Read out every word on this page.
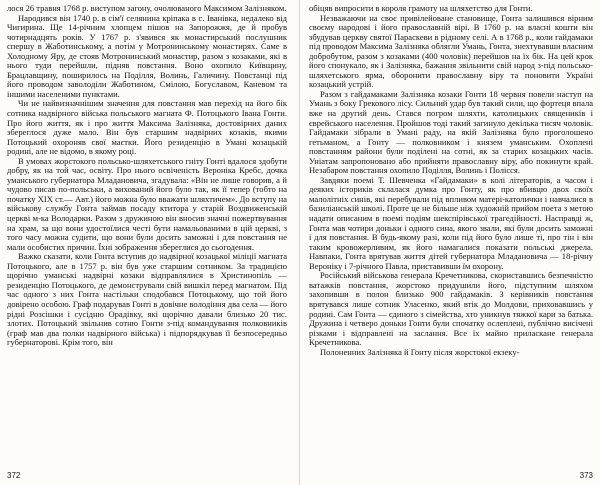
лося 26 травня 1768 р. виступом загону, очолюваного Максимом Залізняком.

Народився він 1740 р. в сім'ї селянина кріпака в с. Іванівка, недалеко від Чигирина. Ще 14-річним хлопцем пішов на Запорожжя, де й пробув чотирнадцять років. У 1767 р. з'явився як монастирський послушник спершу в Жаботинському, а потім у Мотронинському монастирях. Саме в Холодному Яру, де стояв Мотронинський монастир, разом з козаками, які в нього туди перейшли, підняв повстання. Воно охопило Київщину, Брацлавщину, поширилось на Поділля, Волинь, Галичину. Повстанці під його проводом заволоділи Жаботином, Смілою, Богуславом, Каневом та іншими населеними пунктами.

Чи не найвизначнішим значення для повстання мав перехід на його бік сотника надвірного війська польського магната Ф. Потоцького Івана Гонти. Про його життя, як і про життя Максима Залізняка, достовірних даних збереглося дуже мало. Він був старшим надвірних козаків, якими Потоцький охороняв свої маєтки. Його резиденцію в Умані козацькій родині, але не відомо, в якому році.

В умовах жорстокого польсько-шляхетського гніту Гонті вдалося здобути добру, як на той час, освіту. Про нього освіченість Вероніка Кребс, дочка уманського губернатора Младановича, згадувала: «Він не лише говорив, а й чудово писав по-польськи, а вихований його було так, як її тепер (тобто на початку XIX ст.— Авт.) його можна було вважати шляхтичем». До вступу на військову службу Гонта займав посаду ктитора у старій Воздвиженській церкві м-ка Володарки. Разом з дружиною він вносив значні пожертвування на храм, за що вони удостоїлися честі бути намальованими в цій церкві, з того часу можна судити, що вони були досить заможні і для повстання не мали особистих причин. Їхні зображення збереглися до сьогодення.

Важко сказати, коли Гонта вступив до надвірної козацької міліції магната Потоцького, але в 1757 р. він був уже старшим сотником. За традицією щорічно уманські надвірні козаки відправлялися в Христинопіль — резиденцію Потоцького, де демонстрували свій вишкіл перед магнатом. Під час одного з них Гонта настільки сподобався Потоцькому, що той його довірено особою. Граф подарував Гонті в довічне володіння два села — його рідні Розсішки і сусідню Орадівку, які щорічно давали близько 20 тис. злотих. Потоцький звільнив сотню Гонти з-під командування полковників (граф мав два полки надвірного війська) і підпорядкував її безпосередньо губернаторові. Крім того, він

372

обіцяв випросити в короля грамоту на шляхетство для Гонти.

Незважаючи на своє привілейоване становище, Гонта залишився вірним своєму народові і його православній вірі. В 1760 р. на власні кошти він збудував церкву святої Параскеви в рідному селі. А в 1768 р., коли гайдамаки під проводом Максима Залізняка облягли Умань, Гонта, знехтувавши власним добробутом, разом з козаками (400 чоловік) перейшов на їх бік. На цей крок його спонукало, як і Залізняка, бажання звільнити свій народ з-під польсько-шляхетського ярма, оборонити православну віру та поновити Україні козацький устрій.

Разом з гайдамаками Залізняка козаки Гонти 18 червня повели наступ на Умань з боку Грекового лісу. Сильний удар був такий сили, що фортеця впала вже на другий день. Стався погром шляхти, католицьких священиків і єврейського населення. Пройшов тоді такий загинуло декілька тисяч чоловік. Гайдамаки зібрали в Умані раду, на якій Залізняка було проголошено гетьманом, а Гонту — полковником і князем уманським. Охоплені повстанням райони були поділені на сотні, як за старих козацьких часів. Уніатам запропоновано або прийняти православну віру, або покинути край. Незабаром повстання охопило Поділля, Волинь і Полісся.

Завдяки поемі Т. Шевченка «Гайдамаки» в колі літераторів, а часом і деяких істориків склалася думка про Гонту, як про вбивцю двох своїх малолітніх синів, які перебували під впливом матері-католички і навчалися в базиліанській школі. Проте це не більше ніж художній прийом поета з метою надати описаним в поемі подіям шекспірівської трагедійності. Насправді ж, Гонта мав чотири доньки і одного сина, якого звали, які були досить заможні і для повстання. В будь-якому разі, коли під його було лише ті, про тін і він таким кровожерливим, як його намагалися показати польські джерела. Навпаки, Гонта врятував життя дітей губернатора Младановича — 18-річну Вероніку і 7-річного Павла, приставивши їм охорону.

Російський військова генерала Кречетникова, скориставшись безпечністю ватажків повстання, жорстоко придушили його, підступним шляхом захопивши в полон близько 900 гайдамаків. З керівників повстання врятувався лише сотник Уласенко, який втік до Молдови, приховавшись у родині. Сам Гонта — єдиного з сімейства, хто уникнув тяжкої кари за батька. Дружина і четверо доньки Гонти були спочатку ослеплені, публічно висічені різками і відправлені на заслання. Все їх майно приласкане генерала Кречетникова.

Полоненних Залізняка й Гонту після жорстокої екзеку-

373
